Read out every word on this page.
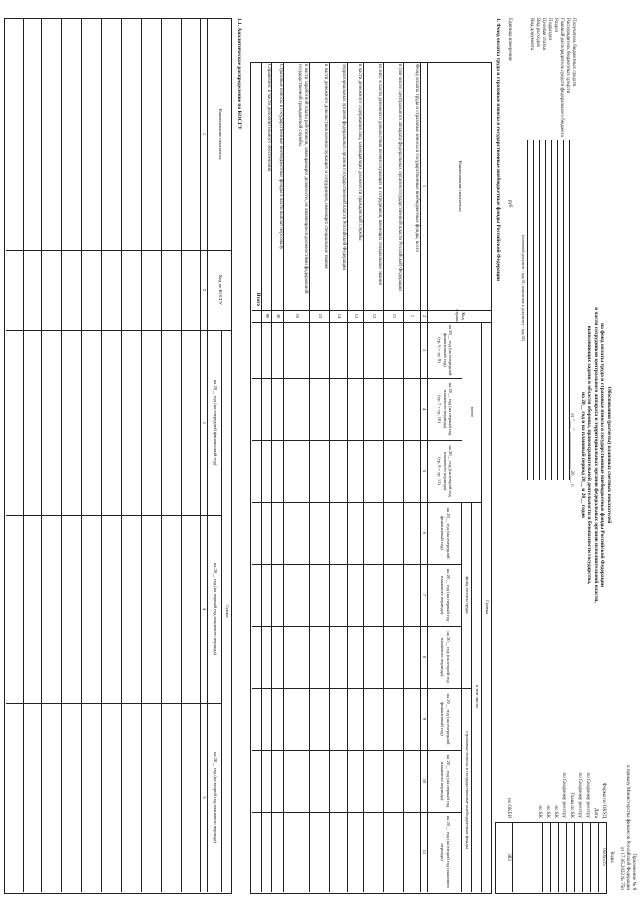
Приложение № 8
к приказу Министерства финансов Российской Федерации
от 17.05.2022 № 75н
Обоснования (расчеты) плановых сметных показателей
на фонд оплаты труда и страховые взносы в государственные внебюджетные фонды Российской Федерации
в части сотрудников центрального аппарата и территориальных органов федеральных органов исполнительной власти,
выполняющих задачи в области обороны, правоохранительной деятельности и безопасности государства,
на 20__ год и на плановый период 20__ и 20__ годов
от "___" _______________ 20___ г.
Коды
0505515
Форма по ОКУД
Дата
по Сводному реестру
по Сводному реестру
Глава по БК
по Сводному реестру
по БК
по БК
по БК
по ОКЕИ
383
Получатель бюджетных средств
Распорядитель бюджетных средств
Главный распорядитель средств федерального бюджета
Раздел
Подраздел
Целевая статья
Вид расходов
Вид документа
(основной документ - код 01; изменение к документу - код 02)
Единица измерения:
руб
1. Фонд оплаты труда и страховые взносы в государственные внебюджетные фонды Российской Федерации
Наименование показателя
Код строки
Суммы
всего
в том числе:
фонд оплаты труда
страховые взносы в государственные внебюджетные фонды
на 20__ год (на очередной финансовый год)
(гр. 6 + гр. 9)
на 20__ год (на первый год планового периода)
(гр. 7 + гр. 10)
на 20__ год (на второй год планового периода)
(гр. 8 + гр. 11)
на 20__ год (на очередной финансовый год)
на 20__ год (на первый год планового периода)
на 20__ год (на второй год планового периода)
на 20__ год (на очередной финансовый год)
на 20__ год (на первый год планового периода)
на 20__ год (на второй год планового периода)
1
2
3
4
5
6
7
8
9
10
11
Фонд оплаты труда и страховые взносы в государственные внебюджетные фонды, всего
1
в том числе: центрального аппарата федеральных органов государственной власти Российской Федерации
11
из них: в части денежного довольствия военнослужащих и сотрудников, имеющих специальные звания
12
в части денежного содержания лиц, замещающих должности гражданской службы
13
территориальных органов федеральных органов государственной власти Российской Федерации
14
в части денежного довольствия военнослужащих и сотрудников, имеющих специальные звания
15
в части заработной платы работников, замещающих должности, не являющиеся должностями федеральной государственной гражданской службы
16
Страховые взносы в государственные внебюджетные фонды в части выплат персоналу
30
Справочно: в части дополнительного обеспечения
90
Итого
1.1. Аналитическое распределение по КОСГУ
Наименование показателя
Код по КОСГУ
Сумма
на 20__ год (на очередной финансовый год)
на 20__ год (на первый год планового периода)
на 20__ год (на второй год планового периода)
1
2
3
4
5
